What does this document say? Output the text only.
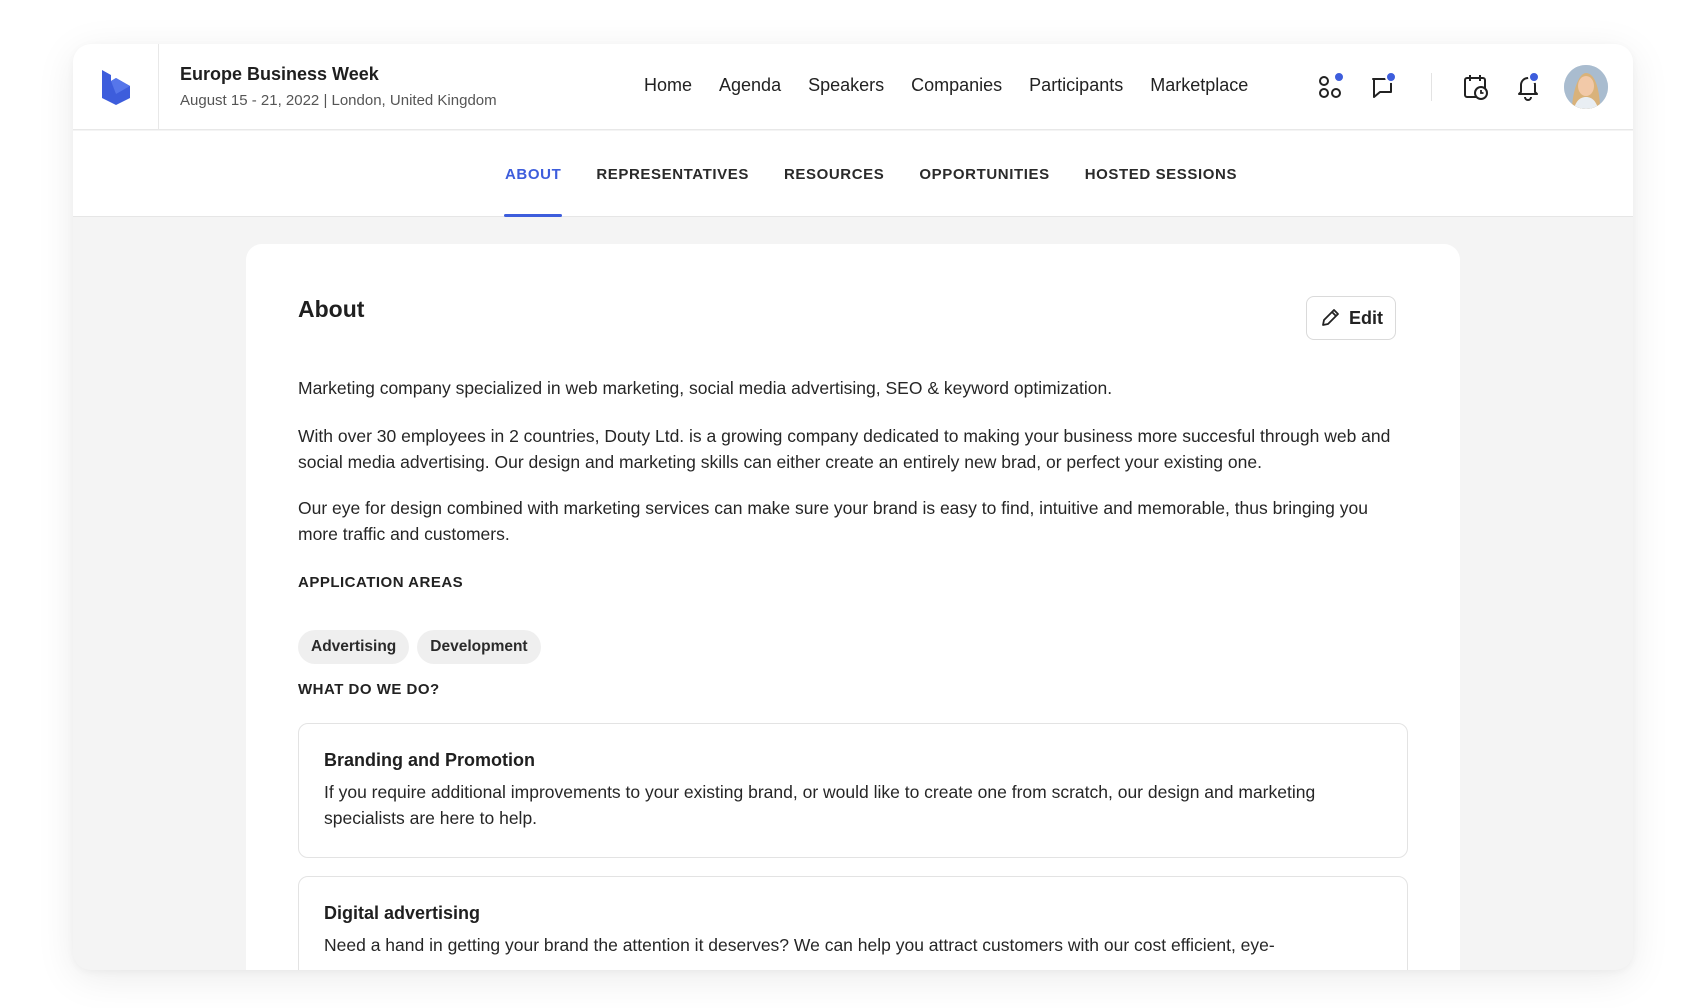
Europe Business Week
August 15 - 21, 2022 | London, United Kingdom
Home Agenda Speakers Companies Participants Marketplace
ABOUT REPRESENTATIVES RESOURCES OPPORTUNITIES HOSTED SESSIONS
About	Edit

Marketing company specialized in web marketing, social media advertising, SEO & keyword optimization.

With over 30 employees in 2 countries, Douty Ltd. is a growing company dedicated to making your business more succesful through web and social media advertising. Our design and marketing skills can either create an entirely new brad, or perfect your existing one.

Our eye for design combined with marketing services can make sure your brand is easy to find, intuitive and memorable, thus bringing you more traffic and customers.

APPLICATION AREAS
Advertising	Development
WHAT DO WE DO?
Branding and Promotion

If you require additional improvements to your existing brand, or would like to create one from scratch, our design and marketing specialists are here to help.

Digital advertising

Need a hand in getting your brand the attention it deserves? We can help you attract customers with our cost efficient, eye-
